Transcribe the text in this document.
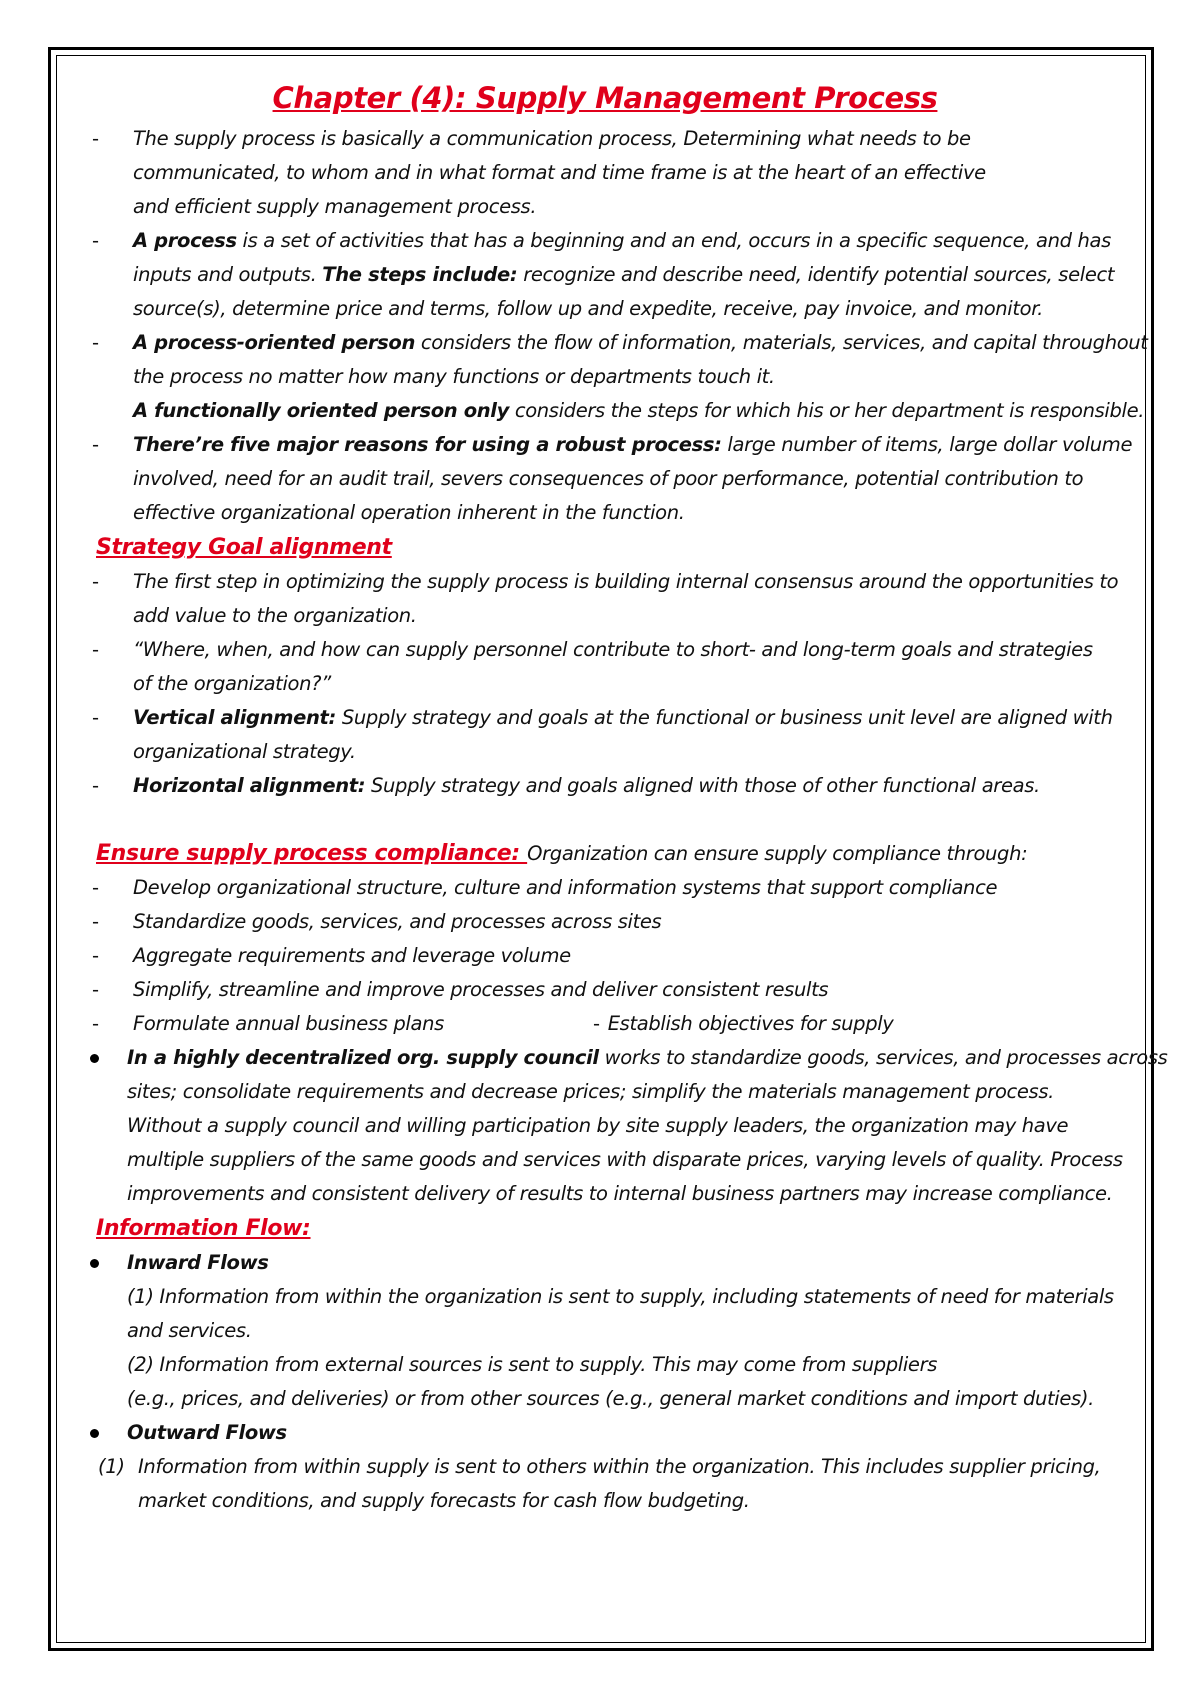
Chapter (4): Supply Management Process
- The supply process is basically a communication process, Determining what needs to be
communicated, to whom and in what format and time frame is at the heart of an effective
and efficient supply management process.
- A process is a set of activities that has a beginning and an end, occurs in a specific sequence, and has
inputs and outputs. The steps include: recognize and describe need, identify potential sources, select
source(s), determine price and terms, follow up and expedite, receive, pay invoice, and monitor.
- A process-oriented person considers the flow of information, materials, services, and capital throughout
the process no matter how many functions or departments touch it.
A functionally oriented person only considers the steps for which his or her department is responsible.
- There’re five major reasons for using a robust process: large number of items, large dollar volume
involved, need for an audit trail, severs consequences of poor performance, potential contribution to
effective organizational operation inherent in the function.
Strategy Goal alignment
- The first step in optimizing the supply process is building internal consensus around the opportunities to
add value to the organization.
- “Where, when, and how can supply personnel contribute to short- and long-term goals and strategies
of the organization?”
- Vertical alignment: Supply strategy and goals at the functional or business unit level are aligned with
organizational strategy.
- Horizontal alignment: Supply strategy and goals aligned with those of other functional areas.
Ensure supply process compliance: Organization can ensure supply compliance through:
- Develop organizational structure, culture and information systems that support compliance
- Standardize goods, services, and processes across sites
- Aggregate requirements and leverage volume
- Simplify, streamline and improve processes and deliver consistent results
- Formulate annual business plans	- Establish objectives for supply
In a highly decentralized org. supply council works to standardize goods, services, and processes across
sites; consolidate requirements and decrease prices; simplify the materials management process.
Without a supply council and willing participation by site supply leaders, the organization may have
multiple suppliers of the same goods and services with disparate prices, varying levels of quality. Process
improvements and consistent delivery of results to internal business partners may increase compliance.
Information Flow:
Inward Flows
(1) Information from within the organization is sent to supply, including statements of need for materials
and services.
(2) Information from external sources is sent to supply. This may come from suppliers
(e.g., prices, and deliveries) or from other sources (e.g., general market conditions and import duties).
Outward Flows
(1) Information from within supply is sent to others within the organization. This includes supplier pricing,
market conditions, and supply forecasts for cash flow budgeting.
